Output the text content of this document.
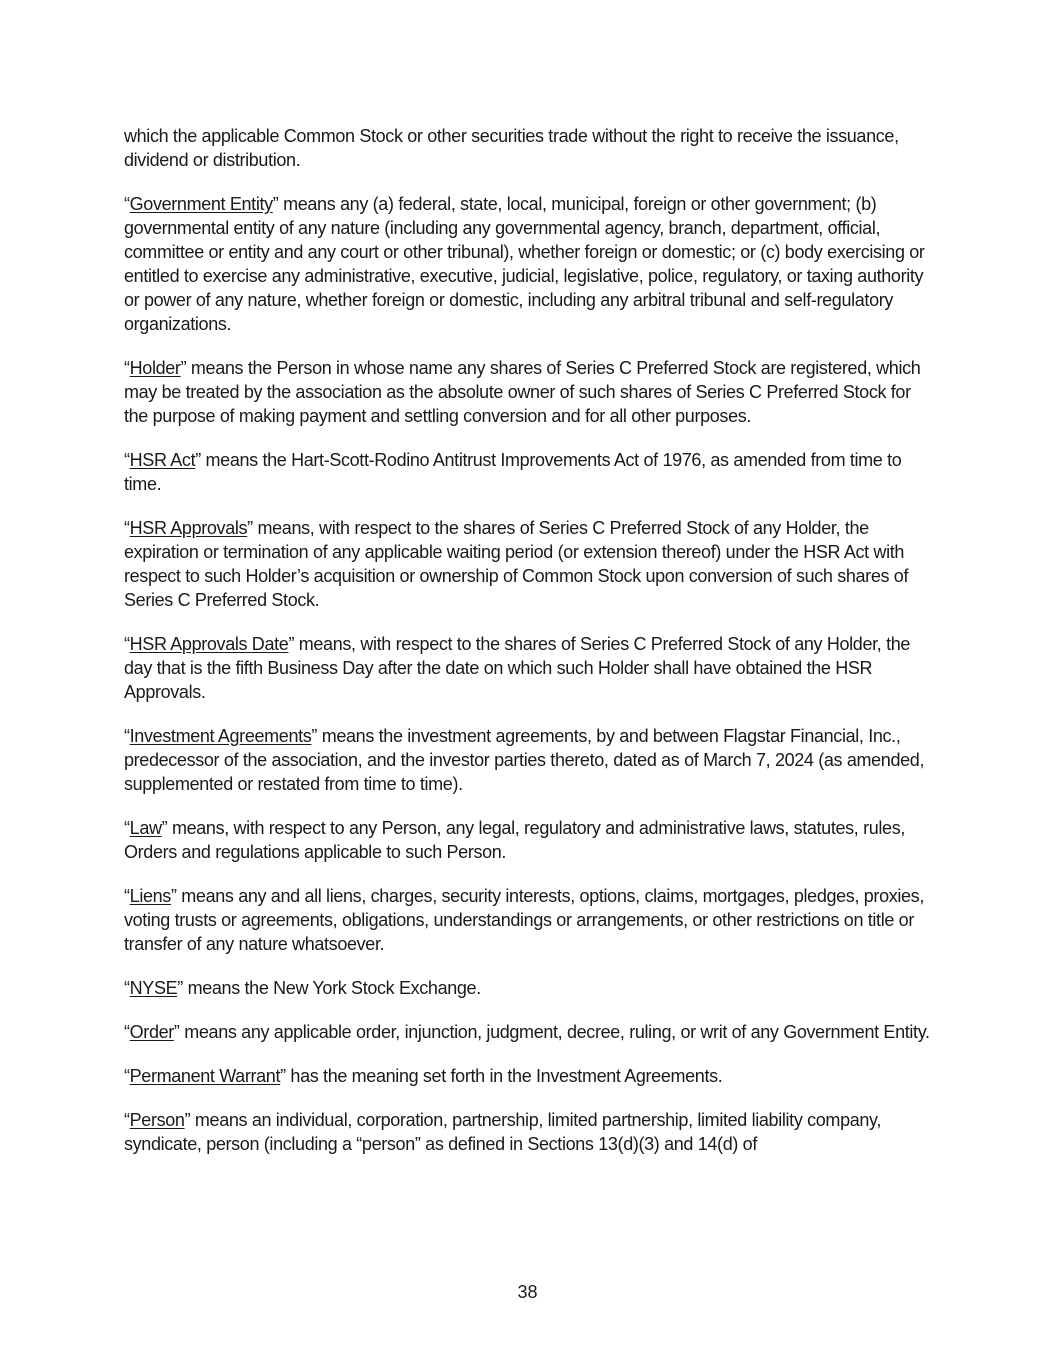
which the applicable Common Stock or other securities trade without the right to receive the issuance, dividend or distribution.

“Government Entity” means any (a) federal, state, local, municipal, foreign or other government; (b) governmental entity of any nature (including any governmental agency, branch, department, official, committee or entity and any court or other tribunal), whether foreign or domestic; or (c) body exercising or entitled to exercise any administrative, executive, judicial, legislative, police, regulatory, or taxing authority or power of any nature, whether foreign or domestic, including any arbitral tribunal and self-regulatory organizations.

“Holder” means the Person in whose name any shares of Series C Preferred Stock are registered, which may be treated by the association as the absolute owner of such shares of Series C Preferred Stock for the purpose of making payment and settling conversion and for all other purposes.

“HSR Act” means the Hart-Scott-Rodino Antitrust Improvements Act of 1976, as amended from time to time.

“HSR Approvals” means, with respect to the shares of Series C Preferred Stock of any Holder, the expiration or termination of any applicable waiting period (or extension thereof) under the HSR Act with respect to such Holder’s acquisition or ownership of Common Stock upon conversion of such shares of Series C Preferred Stock.

“HSR Approvals Date” means, with respect to the shares of Series C Preferred Stock of any Holder, the day that is the fifth Business Day after the date on which such Holder shall have obtained the HSR Approvals.

“Investment Agreements” means the investment agreements, by and between Flagstar Financial, Inc., predecessor of the association, and the investor parties thereto, dated as of March 7, 2024 (as amended, supplemented or restated from time to time).

“Law” means, with respect to any Person, any legal, regulatory and administrative laws, statutes, rules, Orders and regulations applicable to such Person.

“Liens” means any and all liens, charges, security interests, options, claims, mortgages, pledges, proxies, voting trusts or agreements, obligations, understandings or arrangements, or other restrictions on title or transfer of any nature whatsoever.

“NYSE” means the New York Stock Exchange.

“Order” means any applicable order, injunction, judgment, decree, ruling, or writ of any Government Entity.

“Permanent Warrant” has the meaning set forth in the Investment Agreements.

“Person” means an individual, corporation, partnership, limited partnership, limited liability company, syndicate, person (including a “person” as defined in Sections 13(d)(3) and 14(d) of

38
